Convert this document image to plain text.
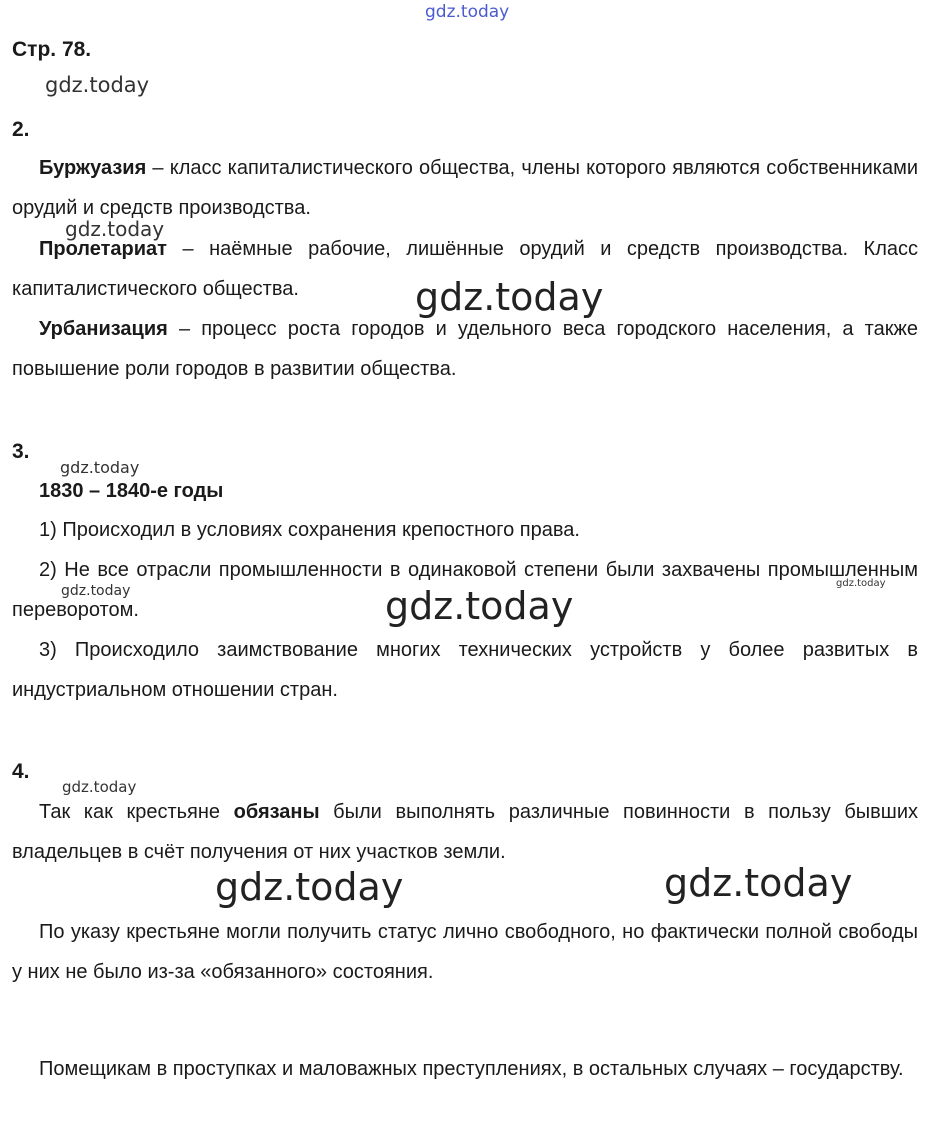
gdz.today
gdz.today
gdz.today
gdz.today
gdz.today
gdz.today	gdz.today
gdz.today
gdz.today
gdz.today	gdz.today
Стр. 78.
2.

Буржуазия – класс капиталистического общества, члены которого являются собственниками орудий и средств производства.

Пролетариат – наёмные рабочие, лишённые орудий и средств производства. Класс капиталистического общества.

Урбанизация – процесс роста городов и удельного веса городского населения, а также повышение роли городов в развитии общества.

3.

1830 – 1840-е годы

1) Происходил в условиях сохранения крепостного права.

2) Не все отрасли промышленности в одинаковой степени были захвачены промышленным переворотом.

3) Происходило заимствование многих технических устройств у более развитых в индустриальном отношении стран.

4.

Так как крестьяне обязаны были выполнять различные повинности в пользу бывших владельцев в счёт получения от них участков земли.

По указу крестьяне могли получить статус лично свободного, но фактически полной свободы у них не было из-за «обязанного» состояния.

Помещикам в проступках и маловажных преступлениях, в остальных случаях – государству.
